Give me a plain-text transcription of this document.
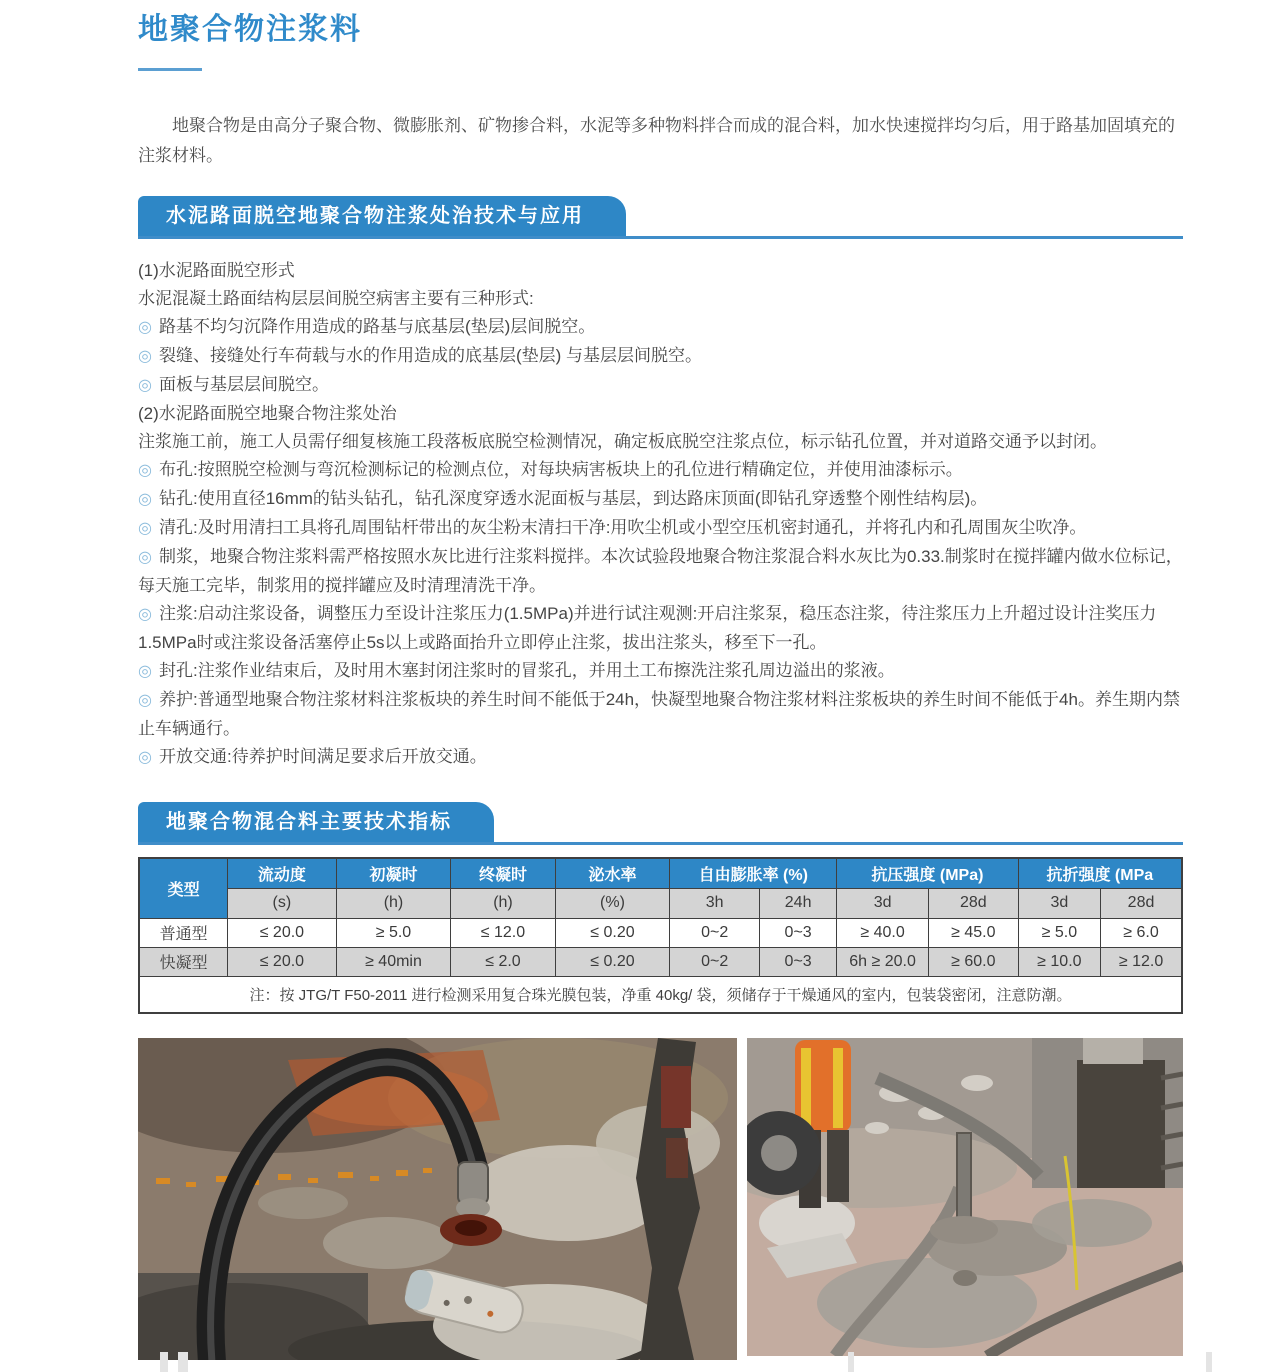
地聚合物注浆料

地聚合物是由高分子聚合物、微膨胀剂、矿物掺合料，水泥等多种物料拌合而成的混合料，加水快速搅拌均匀后，用于路基加固填充的注浆材料。

水泥路面脱空地聚合物注浆处治技术与应用
(1)水泥路面脱空形式
水泥混凝土路面结构层层间脱空病害主要有三种形式:
◎ 路基不均匀沉降作用造成的路基与底基层(垫层)层间脱空。
◎ 裂缝、接缝处行车荷载与水的作用造成的底基层(垫层) 与基层层间脱空。
◎ 面板与基层层间脱空。
(2)水泥路面脱空地聚合物注浆处治
注浆施工前，施工人员需仔细复核施工段落板底脱空检测情况，确定板底脱空注浆点位，标示钻孔位置，并对道路交通予以封闭。
◎ 布孔:按照脱空检测与弯沉检测标记的检测点位，对每块病害板块上的孔位进行精确定位，并使用油漆标示。
◎ 钻孔:使用直径16mm的钻头钻孔，钻孔深度穿透水泥面板与基层，到达路床顶面(即钻孔穿透整个刚性结构层)。
◎ 清孔:及时用清扫工具将孔周围钻杆带出的灰尘粉末清扫干净:用吹尘机或小型空压机密封通孔，并将孔内和孔周围灰尘吹净。
◎ 制浆，地聚合物注浆料需严格按照水灰比进行注浆料搅拌。本次试验段地聚合物注浆混合料水灰比为0.33.制浆时在搅拌罐内做水位标记，每天施工完毕，制浆用的搅拌罐应及时清理清洗干净。
◎ 注浆:启动注浆设备，调整压力至设计注浆压力(1.5MPa)并进行试注观测:开启注浆泵，稳压态注浆，待注浆压力上升超过设计注奖压力1.5MPa时或注浆设备活塞停止5s以上或路面抬升立即停止注浆，拔出注浆头，移至下一孔。
◎ 封孔:注浆作业结束后，及时用木塞封闭注浆时的冒浆孔，并用土工布擦洗注浆孔周边溢出的浆液。
◎ 养护:普通型地聚合物注浆材料注浆板块的养生时间不能低于24h，快凝型地聚合物注浆材料注浆板块的养生时间不能低于4h。养生期内禁止车辆通行。
◎ 开放交通:待养护时间满足要求后开放交通。
地聚合物混合料主要技术指标
类型	流动度	初凝时	终凝时	泌水率	自由膨胀率 (%)		抗压强度 (MPa)		抗折强度 (MPa	
	(s)	(h)	(h)	(%)	3h	24h	3d	28d	3d	28d
普通型	≤ 20.0	≥ 5.0	≤ 12.0	≤ 0.20	0~2	0~3	≥ 40.0	≥ 45.0	≥ 5.0	≥ 6.0
快凝型	≤ 20.0	≥ 40min	≤ 2.0	≤ 0.20	0~2	0~3	6h ≥ 20.0	≥ 60.0	≥ 10.0	≥ 12.0
注：按 JTG/T F50-2011 进行检测采用复合珠光膜包装，净重 40kg/ 袋，须储存于干燥通风的室内，包装袋密闭，注意防潮。										
